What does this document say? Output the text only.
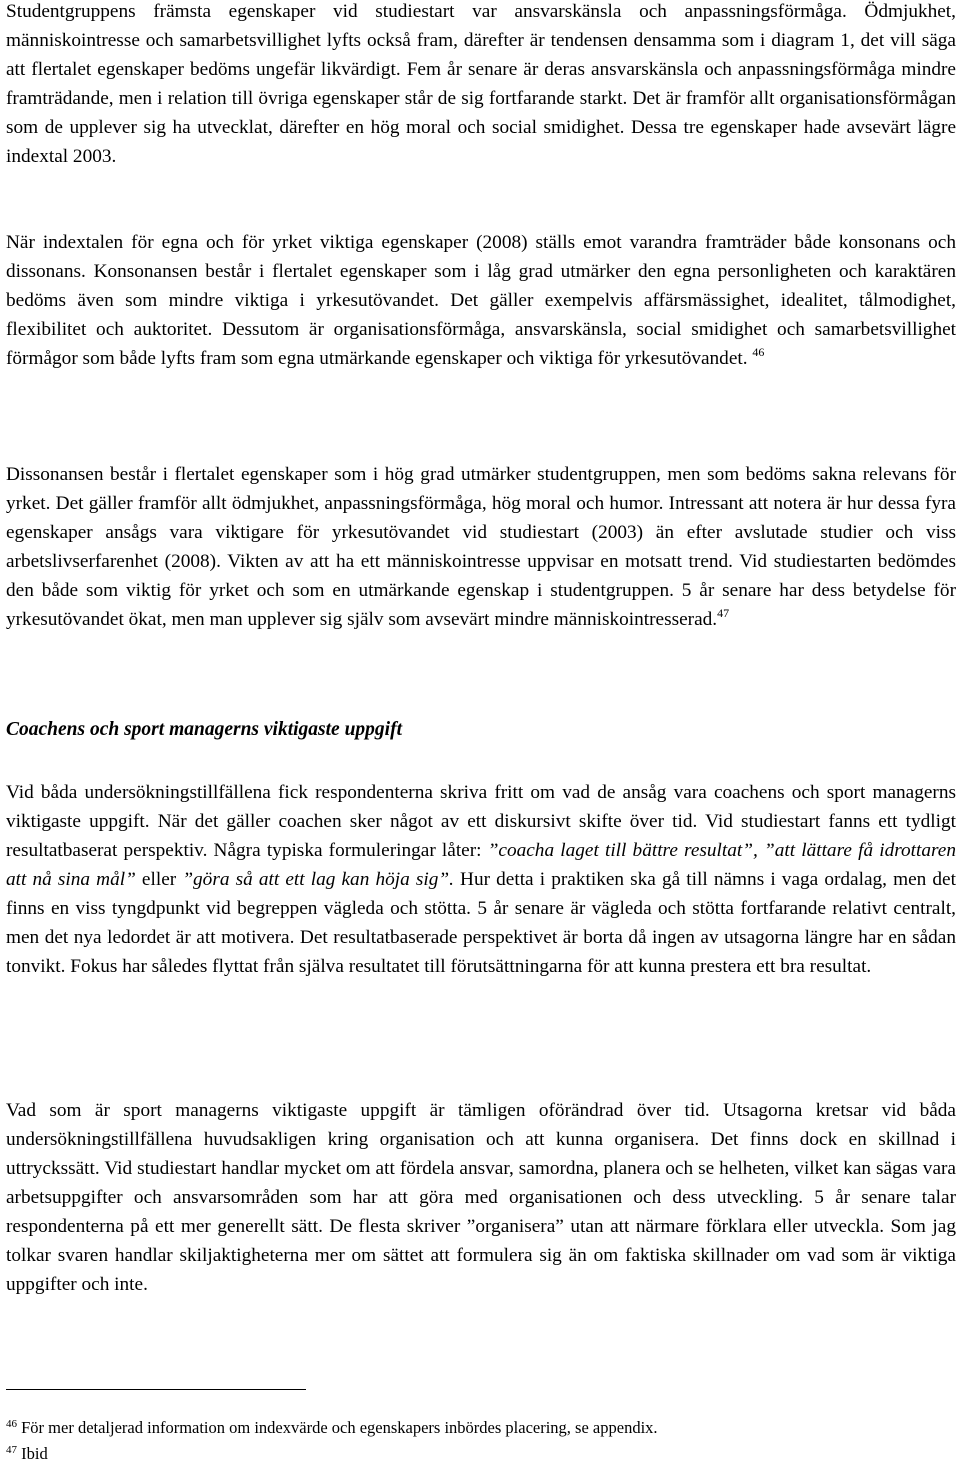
Studentgruppens främsta egenskaper vid studiestart var ansvarskänsla och anpassningsförmåga. Ödmjukhet, människointresse och samarbetsvillighet lyfts också fram, därefter är tendensen densamma som i diagram 1, det vill säga att flertalet egenskaper bedöms ungefär likvärdigt. Fem år senare är deras ansvarskänsla och anpassningsförmåga mindre framträdande, men i relation till övriga egenskaper står de sig fortfarande starkt. Det är framför allt organisationsförmågan som de upplever sig ha utvecklat, därefter en hög moral och social smidighet. Dessa tre egenskaper hade avsevärt lägre indextal 2003.

När indextalen för egna och för yrket viktiga egenskaper (2008) ställs emot varandra framträder både konsonans och dissonans. Konsonansen består i flertalet egenskaper som i låg grad utmärker den egna personligheten och karaktären bedöms även som mindre viktiga i yrkesutövandet. Det gäller exempelvis affärsmässighet, idealitet, tålmodighet, flexibilitet och auktoritet. Dessutom är organisationsförmåga, ansvarskänsla, social smidighet och samarbetsvillighet förmågor som både lyfts fram som egna utmärkande egenskaper och viktiga för yrkesutövandet. $^{46}$

Dissonansen består i flertalet egenskaper som i hög grad utmärker studentgruppen, men som bedöms sakna relevans för yrket. Det gäller framför allt ödmjukhet, anpassningsförmåga, hög moral och humor. Intressant att notera är hur dessa fyra egenskaper ansågs vara viktigare för yrkesutövandet vid studiestart (2003) än efter avslutade studier och viss arbetslivserfarenhet (2008). Vikten av att ha ett människointresse uppvisar en motsatt trend. Vid studiestarten bedömdes den både som viktig för yrket och som en utmärkande egenskap i studentgruppen. 5 år senare har dess betydelse för yrkesutövandet ökat, men man upplever sig själv som avsevärt mindre människointresserad.$^{47}$

Coachens och sport managerns viktigaste uppgift

Vid båda undersökningstillfällena fick respondenterna skriva fritt om vad de ansåg vara coachens och sport managerns viktigaste uppgift. När det gäller coachen sker något av ett diskursivt skifte över tid. Vid studiestart fanns ett tydligt resultatbaserat perspektiv. Några typiska formuleringar låter: ”coacha laget till bättre resultat”, ”att lättare få idrottaren att nå sina mål” eller ”göra så att ett lag kan höja sig”. Hur detta i praktiken ska gå till nämns i vaga ordalag, men det finns en viss tyngdpunkt vid begreppen vägleda och stötta. 5 år senare är vägleda och stötta fortfarande relativt centralt, men det nya ledordet är att motivera. Det resultatbaserade perspektivet är borta då ingen av utsagorna längre har en sådan tonvikt. Fokus har således flyttat från själva resultatet till förutsättningarna för att kunna prestera ett bra resultat.

Vad som är sport managerns viktigaste uppgift är tämligen oförändrad över tid. Utsagorna kretsar vid båda undersökningstillfällena huvudsakligen kring organisation och att kunna organisera. Det finns dock en skillnad i uttryckssätt. Vid studiestart handlar mycket om att fördela ansvar, samordna, planera och se helheten, vilket kan sägas vara arbetsuppgifter och ansvarsområden som har att göra med organisationen och dess utveckling. 5 år senare talar respondenterna på ett mer generellt sätt. De flesta skriver ”organisera” utan att närmare förklara eller utveckla. Som jag tolkar svaren handlar skiljaktigheterna mer om sättet att formulera sig än om faktiska skillnader om vad som är viktiga uppgifter och inte.

$^{46}$ För mer detaljerad information om indexvärde och egenskapers inbördes placering, se appendix.

$^{47}$ Ibid
